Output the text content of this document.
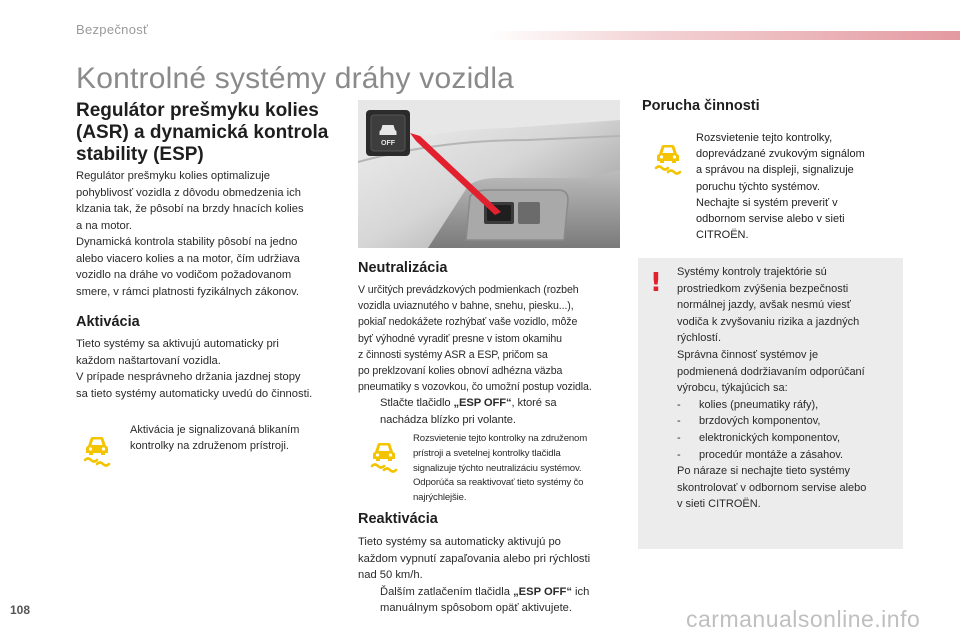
Bezpečnosť
Kontrolné systémy dráhy vozidla
Regulátor prešmyku kolies
(ASR) a dynamická kontrola
stability (ESP)
Regulátor prešmyku kolies optimalizuje
pohyblivosť vozidla z dôvodu obmedzenia ich
klzania tak, že pôsobí na brzdy hnacích kolies
a na motor.
Dynamická kontrola stability pôsobí na jedno
alebo viacero kolies a na motor, čím udržiava
vozidlo na dráhe vo vodičom požadovanom
smere, v rámci platnosti fyzikálnych zákonov.
Aktivácia
Tieto systémy sa aktivujú automaticky pri
každom naštartovaní vozidla.
V prípade nesprávneho držania jazdnej stopy
sa tieto systémy automaticky uvedú do činnosti.
Aktivácia je signalizovaná blikaním
kontrolky na združenom prístroji.
OFF
Neutralizácia
V určitých prevádzkových podmienkach (rozbeh
vozidla uviaznutého v bahne, snehu, piesku...),
pokiaľ nedokážete rozhýbať vaše vozidlo, môže
byť výhodné vyradiť presne v istom okamihu
z činnosti systémy ASR a ESP, pričom sa
po preklzovaní kolies obnoví adhézna väzba
pneumatiky s vozovkou, čo umožní postup vozidla.
Stlačte tlačidlo „ESP OFF“, ktoré sa
nachádza blízko pri volante.
Rozsvietenie tejto kontrolky na združenom
prístroji a svetelnej kontrolky tlačidla
signalizuje týchto neutralizáciu systémov.
Odporúča sa reaktivovať tieto systémy čo
najrýchlejšie.
Reaktivácia
Tieto systémy sa automaticky aktivujú po
každom vypnutí zapaľovania alebo pri rýchlosti
nad 50 km/h.
Ďalším zatlačením tlačidla „ESP OFF“ ich
manuálnym spôsobom opäť aktivujete.
Porucha činnosti
Rozsvietenie tejto kontrolky,
doprevádzané zvukovým signálom
a správou na displeji, signalizuje
poruchu týchto systémov.
Nechajte si systém preveriť v
odbornom servise alebo v sieti
CITROËN.
! Systémy kontroly trajektórie sú
prostriedkom zvýšenia bezpečnosti
normálnej jazdy, avšak nesmú viesť
vodiča k zvyšovaniu rizika a jazdných
rýchlostí.
Správna činnosť systémov je
podmienená dodržiavaním odporúčaní
výrobcu, týkajúcich sa:
-	kolies (pneumatiky ráfy),
-	brzdových komponentov,
-	elektronických komponentov,
-	procedúr montáže a zásahov.
Po náraze si nechajte tieto systémy
skontrolovať v odbornom servise alebo
v sieti CITROËN.
108	carmanualsonline.info
